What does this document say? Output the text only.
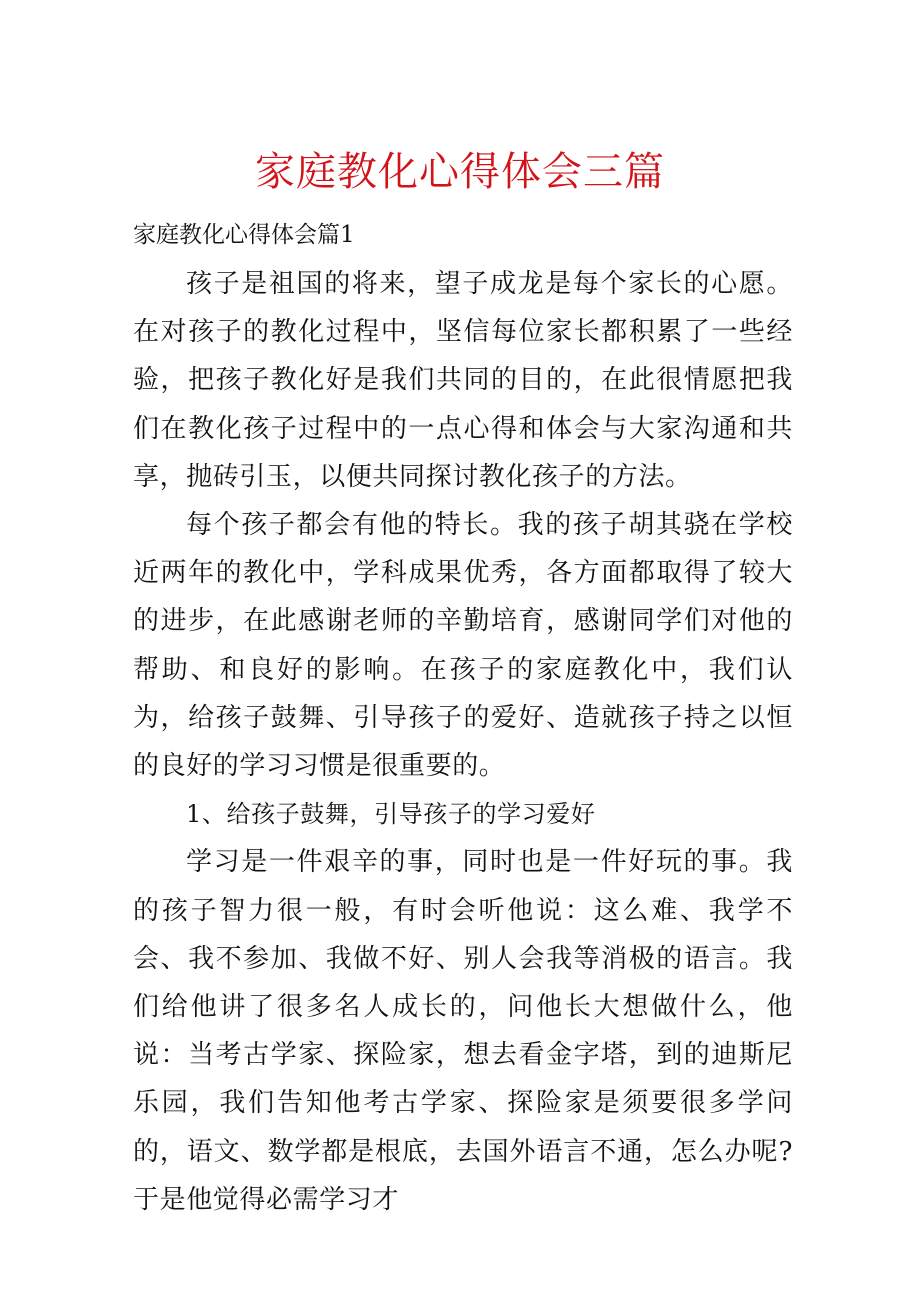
家庭教化心得体会三篇
家庭教化心得体会篇1

孩子是祖国的将来，望子成龙是每个家长的心愿。在对孩子的教化过程中，坚信每位家长都积累了一些经验，把孩子教化好是我们共同的目的，在此很情愿把我们在教化孩子过程中的一点心得和体会与大家沟通和共享，抛砖引玉，以便共同探讨教化孩子的方法。

每个孩子都会有他的特长。我的孩子胡其骁在学校近两年的教化中，学科成果优秀，各方面都取得了较大的进步，在此感谢老师的辛勤培育，感谢同学们对他的帮助、和良好的影响。在孩子的家庭教化中，我们认为，给孩子鼓舞、引导孩子的爱好、造就孩子持之以恒的良好的学习习惯是很重要的。

1、给孩子鼓舞，引导孩子的学习爱好

学习是一件艰辛的事，同时也是一件好玩的事。我的孩子智力很一般，有时会听他说：这么难、我学不会、我不参加、我做不好、别人会我等消极的语言。我们给他讲了很多名人成长的，问他长大想做什么，他说：当考古学家、探险家，想去看金字塔，到的迪斯尼乐园，我们告知他考古学家、探险家是须要很多学问的，语文、数学都是根底，去国外语言不通，怎么办呢?于是他觉得必需学习才
